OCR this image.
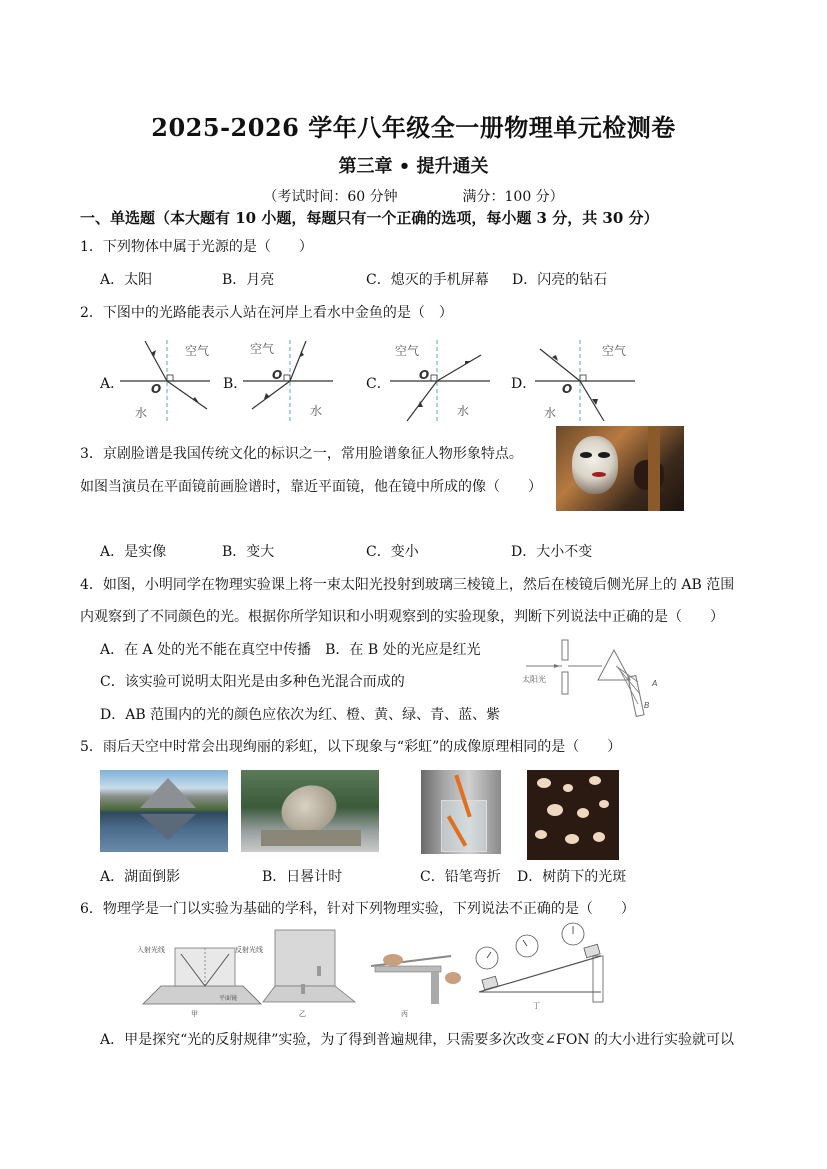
2025-2026 学年八年级全一册物理单元检测卷
第三章 • 提升通关
（考试时间：60 分钟	满分：100 分）
一、单选题（本大题有 10 小题，每题只有一个正确的选项，每小题 3 分，共 30 分）
1．下列物体中属于光源的是（　　）
A．太阳	B．月亮	C．熄灭的手机屏幕 D．闪亮的钻石
2．下图中的光路能表示人站在河岸上看水中金鱼的是（　）
A．	B．	C．	D．
空气
O
水
空气
O
水
空气
O
水
空气
O
水
3．京剧脸谱是我国传统文化的标识之一，常用脸谱象征人物形象特点。
如图当演员在平面镜前画脸谱时，靠近平面镜，他在镜中所成的像（　　）
A．是实像	B．变大	C．变小	D．大小不变
4．如图，小明同学在物理实验课上将一束太阳光投射到玻璃三棱镜上，然后在棱镜后侧光屏上的 AB 范围
内观察到了不同颜色的光。根据你所学知识和小明观察到的实验现象，判断下列说法中正确的是（　　）
A．在 A 处的光不能在真空中传播　B．在 B 处的光应是红光
C．该实验可说明太阳光是由多种色光混合而成的
D．AB 范围内的光的颜色应依次为红、橙、黄、绿、青、蓝、紫
太阳光	A
B
5．雨后天空中时常会出现绚丽的彩虹，以下现象与“彩虹”的成像原理相同的是（　　）
A．湖面倒影	B．日晷计时	C．铅笔弯折 D．树荫下的光斑
6．物理学是一门以实验为基础的学科，针对下列物理实验，下列说法不正确的是（　　）
入射光线	反射光线
平面镜
甲	乙	丙
丁
A．甲是探究“光的反射规律”实验，为了得到普遍规律，只需要多次改变∠FON 的大小进行实验就可以
